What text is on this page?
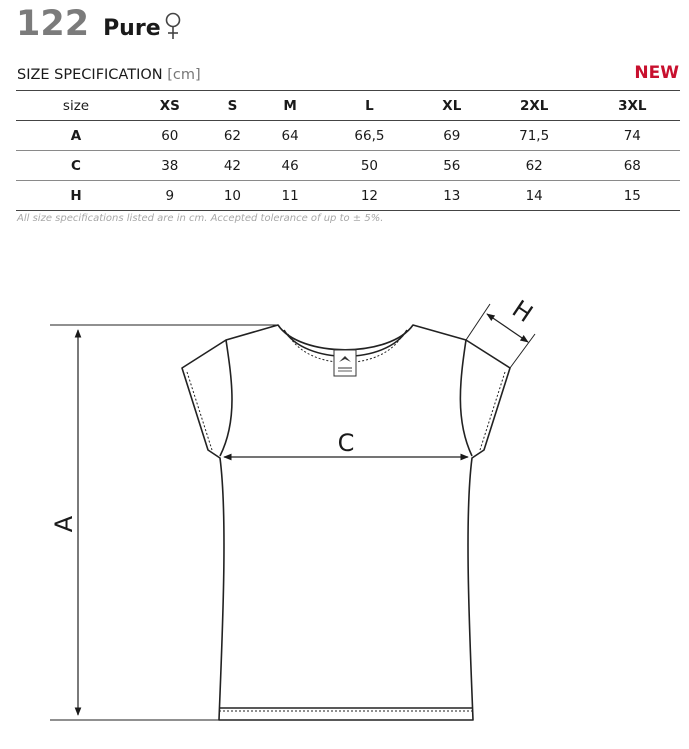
122 Pure
SIZE SPECIFICATION [cm]	NEW
size	XS	S	M	L	XL	2XL	3XL
A	60	62	64	66,5	69	71,5	74
C	38	42	46	50	56	62	68
H	9	10	11	12	13	14	15
All size specifications listed are in cm. Accepted tolerance of up to ± 5%.
A
C
H
